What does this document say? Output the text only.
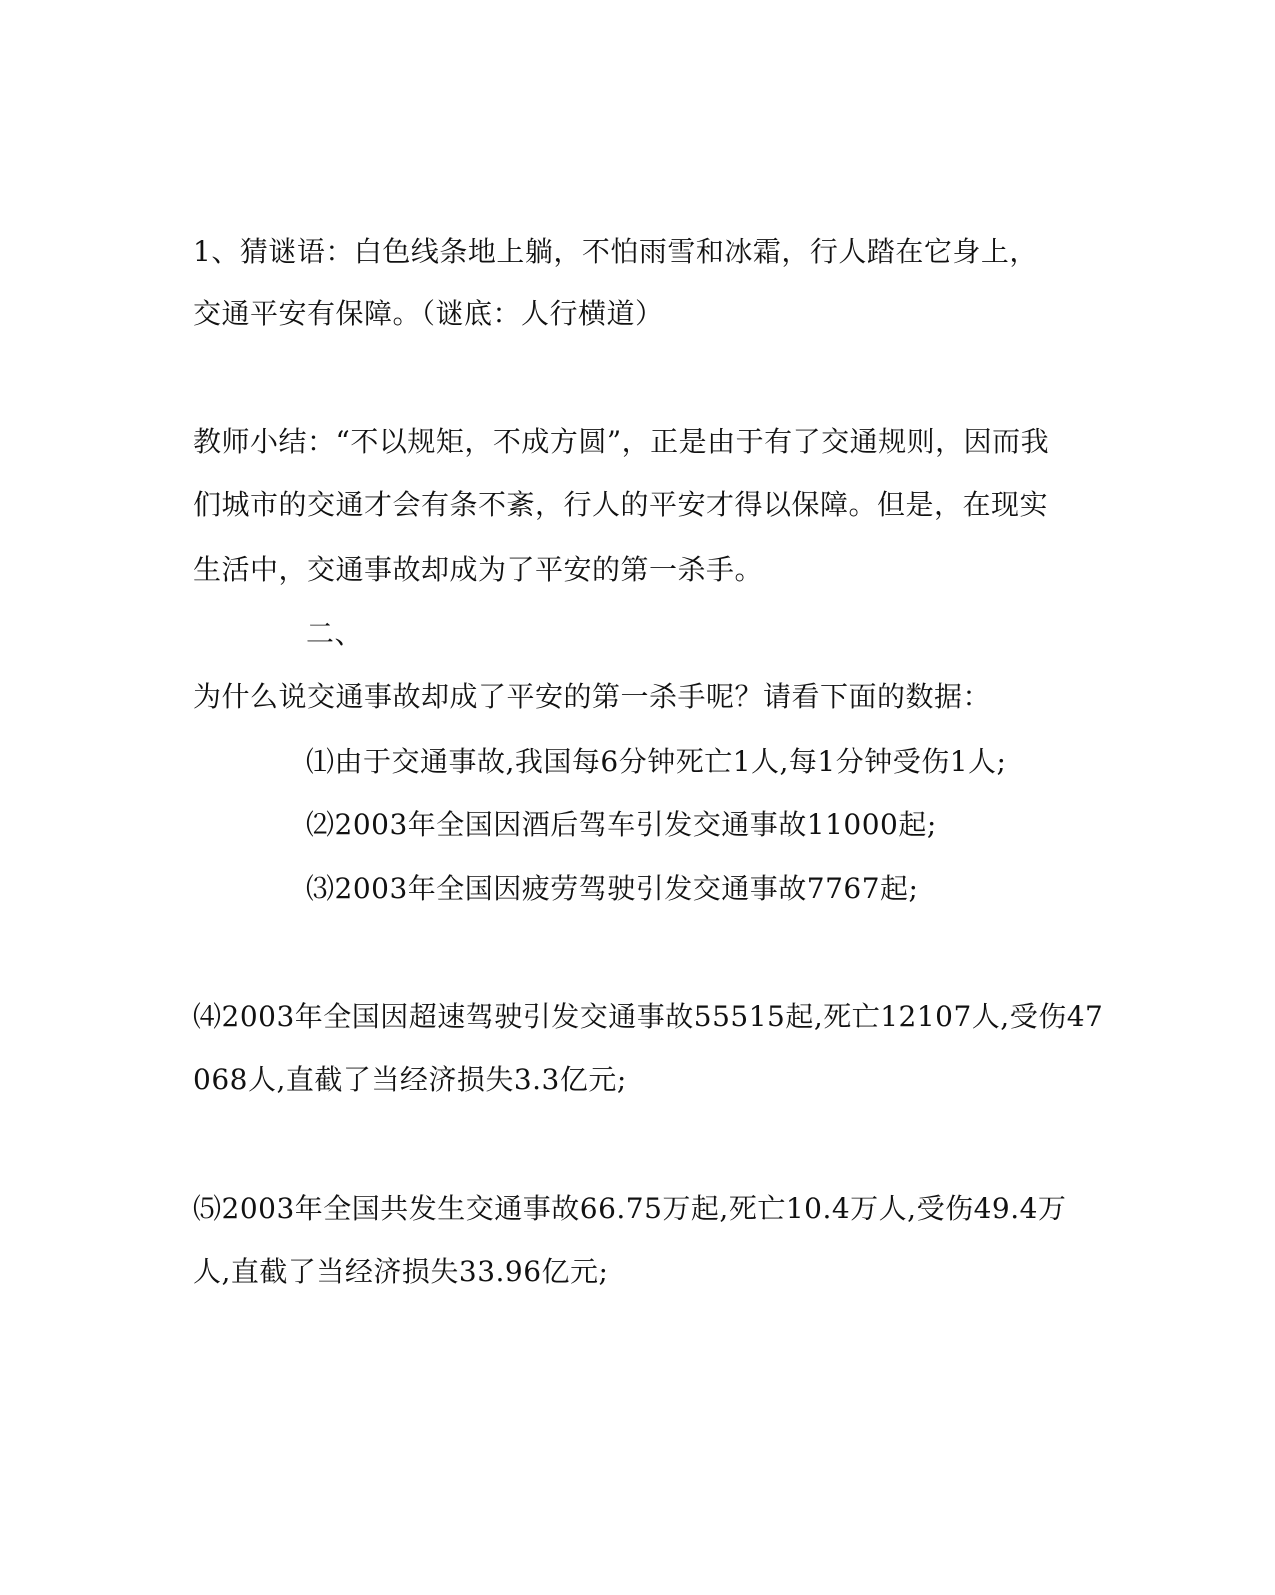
1、猜谜语：白色线条地上躺，不怕雨雪和冰霜，行人踏在它身上，
交通平安有保障。（谜底：人行横道）
教师小结：“不以规矩，不成方圆”，正是由于有了交通规则，因而我
们城市的交通才会有条不紊，行人的平安才得以保障。但是，在现实
生活中，交通事故却成为了平安的第一杀手。
二、
为什么说交通事故却成了平安的第一杀手呢？请看下面的数据：
⑴由于交通事故,我国每6分钟死亡1人,每1分钟受伤1人;
⑵2003年全国因酒后驾车引发交通事故11000起;
⑶2003年全国因疲劳驾驶引发交通事故7767起;
⑷2003年全国因超速驾驶引发交通事故55515起,死亡12107人,受伤47
068人,直截了当经济损失3.3亿元;
⑸2003年全国共发生交通事故66.75万起,死亡10.4万人,受伤49.4万
人,直截了当经济损失33.96亿元;
